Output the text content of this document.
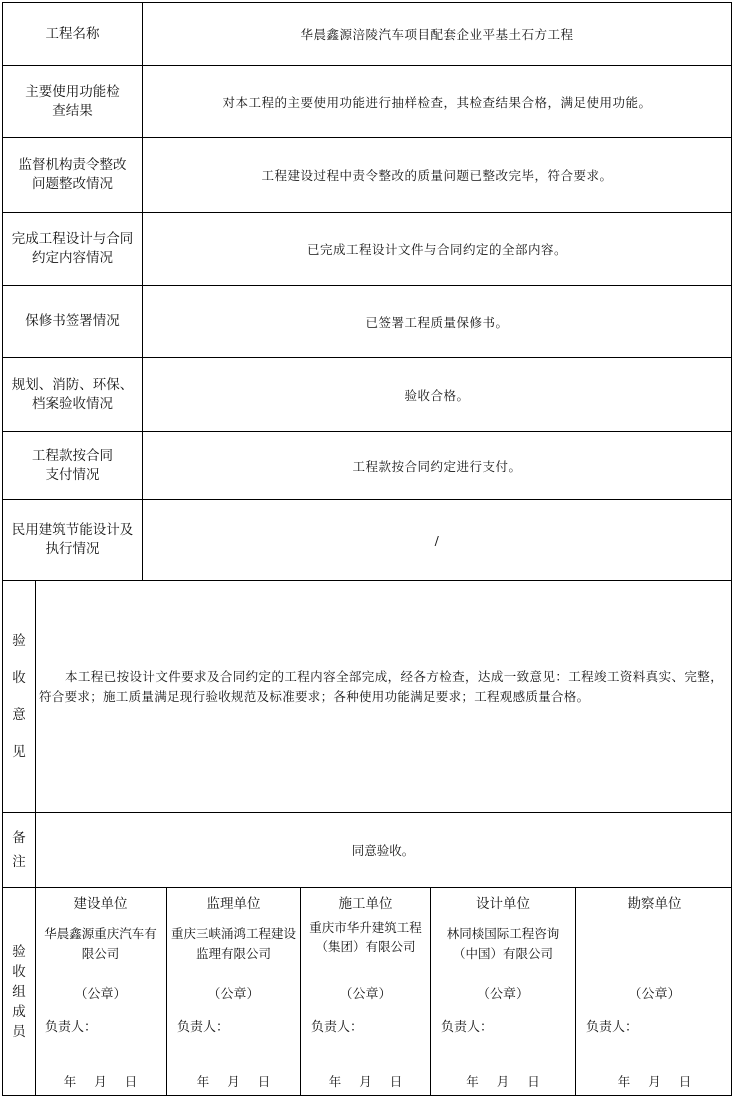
工程名称	华晨鑫源涪陵汽车项目配套企业平基土石方工程
主要使用功能检查结果
对本工程的主要使用功能进行抽样检查，其检查结果合格，满足使用功能。
监督机构责令整改问题整改情况
工程建设过程中责令整改的质量问题已整改完毕，符合要求。
完成工程设计与合同约定内容情况
已完成工程设计文件与合同约定的全部内容。
保修书签署情况	已签署工程质量保修书。
规划、消防、环保、档案验收情况
验收合格。
工程款按合同支付情况
工程款按合同约定进行支付。
民用建筑节能设计及执行情况
/
验
收
意
见
本工程已按设计文件要求及合同约定的工程内容全部完成，经各方检查，达成一致意见：工程竣工资料真实、完整，符合要求；施工质量满足现行验收规范及标准要求；各种使用功能满足要求；工程观感质量合格。
备
注
同意验收。
验
收
组
成
员
建设单位
华晨鑫源重庆汽车有限公司
（公章）
负责人：
年 月 日
监理单位
重庆三峡涌鸿工程建设监理有限公司
（公章）
负责人：
年 月 日
施工单位
重庆市华升建筑工程（集团）有限公司
（公章）
负责人：
年 月 日
设计单位
林同棪国际工程咨询（中国）有限公司
（公章）
负责人：
年 月 日
勘察单位
（公章）
负责人：
年 月 日
